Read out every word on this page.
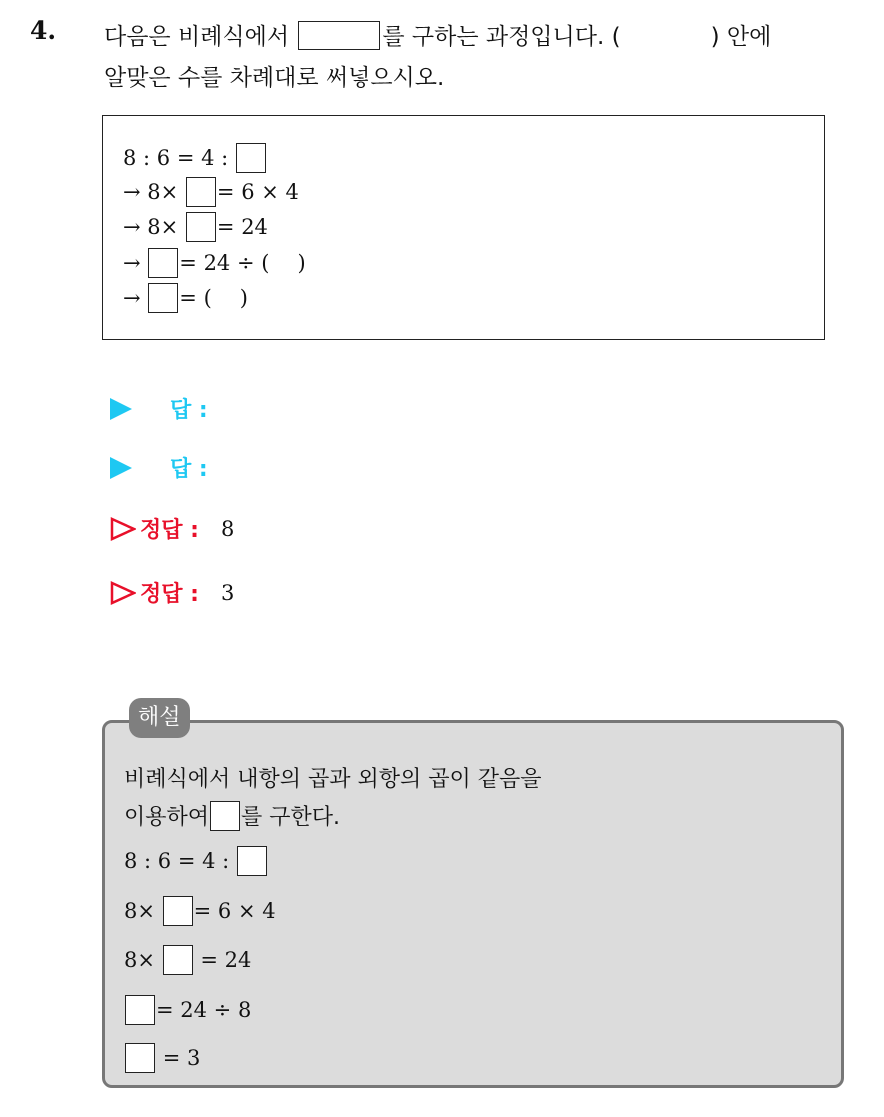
4. 다음은 비례식에서	를 구하는 과정입니다. (	) 안에
알맞은 수를 차례대로 써넣으시오.
8 : 6 = 4 :

→ 8×
= 6 × 4
→ 8×
= 24
→
= 24 ÷ ( )
→
= ( )
답 :
답 :
정답 : 8
정답 : 3
해설
비례식에서 내항의 곱과 외항의 곱이 같음을
이용하여 를 구한다.
8 : 6 = 4 :

8×
= 6 × 4
8×

= 24
= 24 ÷ 8

= 3
